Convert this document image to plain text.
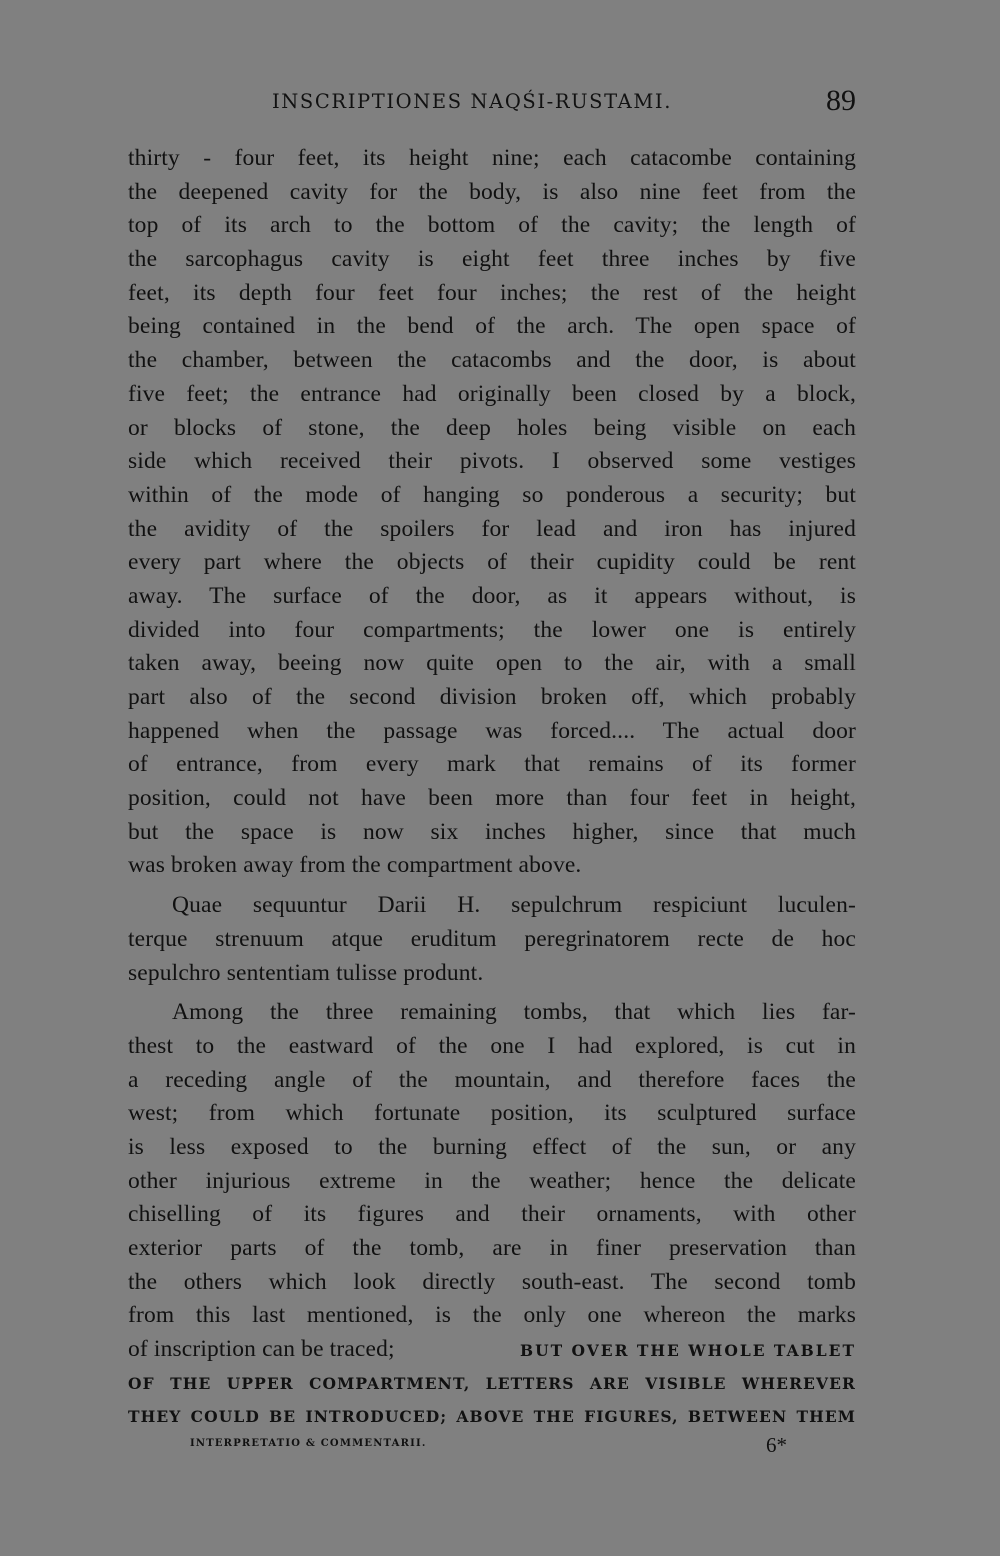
INSCRIPTIONES NAQŚI-RUSTAMI.	89
thirty - four feet, its height nine; each catacombe containing
the deepened cavity for the body, is also nine feet from the
top of its arch to the bottom of the cavity; the length of
the sarcophagus cavity is eight feet three inches by five
feet, its depth four feet four inches; the rest of the height
being contained in the bend of the arch. The open space of
the chamber, between the catacombs and the door, is about
five feet; the entrance had originally been closed by a block,
or blocks of stone, the deep holes being visible on each
side which received their pivots. I observed some vestiges
within of the mode of hanging so ponderous a security; but
the avidity of the spoilers for lead and iron has injured
every part where the objects of their cupidity could be rent
away. The surface of the door, as it appears without, is
divided into four compartments; the lower one is entirely
taken away, beeing now quite open to the air, with a small
part also of the second division broken off, which probably
happened when the passage was forced.... The actual door
of entrance, from every mark that remains of its former
position, could not have been more than four feet in height,
but the space is now six inches higher, since that much
was broken away from the compartment above.
Quae sequuntur Darii H. sepulchrum respiciunt luculen-
terque strenuum atque eruditum peregrinatorem recte de hoc
sepulchro sententiam tulisse produnt.
Among the three remaining tombs, that which lies far-
thest to the eastward of the one I had explored, is cut in
a receding angle of the mountain, and therefore faces the
west; from which fortunate position, its sculptured surface
is less exposed to the burning effect of the sun, or any
other injurious extreme in the weather; hence the delicate
chiselling of its figures and their ornaments, with other
exterior parts of the tomb, are in finer preservation than
the others which look directly south-east. The second tomb
from this last mentioned, is the only one whereon the marks
of inscription can be traced;	BUT OVER THE WHOLE TABLET
OF THE UPPER COMPARTMENT, LETTERS ARE VISIBLE WHEREVER
THEY COULD BE INTRODUCED; ABOVE THE FIGURES, BETWEEN THEM
INTERPRETATIO & COMMENTARII.	6*
